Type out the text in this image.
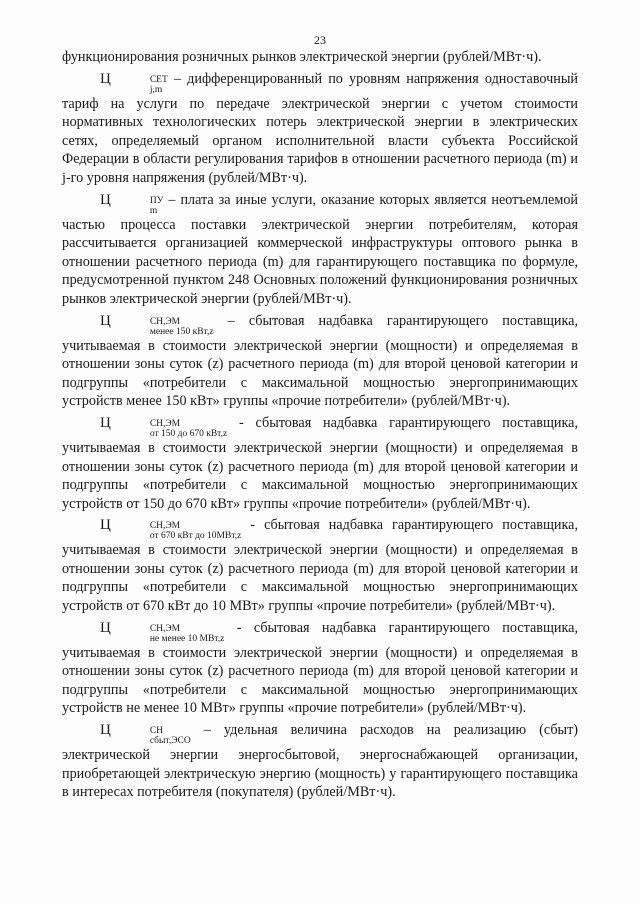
23

функционирования розничных рынков электрической энергии (рублей/МВт·ч).

Ц	СЕТ
j,m
– дифференцированный по уровням напряжения одноставочный тариф на услуги по передаче электрической энергии с учетом стоимости нормативных технологических потерь электрической энергии в электрических сетях, определяемый органом исполнительной власти субъекта Российской Федерации в области регулирования тарифов в отношении расчетного периода (m) и j-го уровня напряжения (рублей/МВт·ч).

Ц	ПУ
m
– плата за иные услуги, оказание которых является неотъемлемой частью процесса поставки электрической энергии потребителям, которая рассчитывается организацией коммерческой инфраструктуры оптового рынка в отношении расчетного периода (m) для гарантирующего поставщика по формуле, предусмотренной пунктом 248 Основных положений функционирования розничных рынков электрической энергии (рублей/МВт·ч).

Ц	СН,ЭМ
менее 150 кВт,z
– сбытовая надбавка гарантирующего поставщика, учитываемая в стоимости электрической энергии (мощности) и определяемая в отношении зоны суток (z) расчетного периода (m) для второй ценовой категории и подгруппы «потребители с максимальной мощностью энергопринимающих устройств менее 150 кВт» группы «прочие потребители» (рублей/МВт·ч).

Ц	СН,ЭМ
от 150 до 670 кВт,z
- сбытовая надбавка гарантирующего поставщика, учитываемая в стоимости электрической энергии (мощности) и определяемая в отношении зоны суток (z) расчетного периода (m) для второй ценовой категории и подгруппы «потребители с максимальной мощностью энергопринимающих устройств от 150 до 670 кВт» группы «прочие потребители» (рублей/МВт·ч).

Ц	СН,ЭМ
от 670 кВт до 10МВт,z
- сбытовая надбавка гарантирующего поставщика, учитываемая в стоимости электрической энергии (мощности) и определяемая в отношении зоны суток (z) расчетного периода (m) для второй ценовой категории и подгруппы «потребители с максимальной мощностью энергопринимающих устройств от 670 кВт до 10 МВт» группы «прочие потребители» (рублей/МВт·ч).

Ц	СН,ЭМ
не менее 10 МВт,z
- сбытовая надбавка гарантирующего поставщика, учитываемая в стоимости электрической энергии (мощности) и определяемая в отношении зоны суток (z) расчетного периода (m) для второй ценовой категории и подгруппы «потребители с максимальной мощностью энергопринимающих устройств не менее 10 МВт» группы «прочие потребители» (рублей/МВт·ч).

Ц	СН
сбыт,ЭСО
– удельная величина расходов на реализацию (сбыт) электрической энергии энергосбытовой, энергоснабжающей организации, приобретающей электрическую энергию (мощность) у гарантирующего поставщика в интересах потребителя (покупателя) (рублей/МВт·ч).
